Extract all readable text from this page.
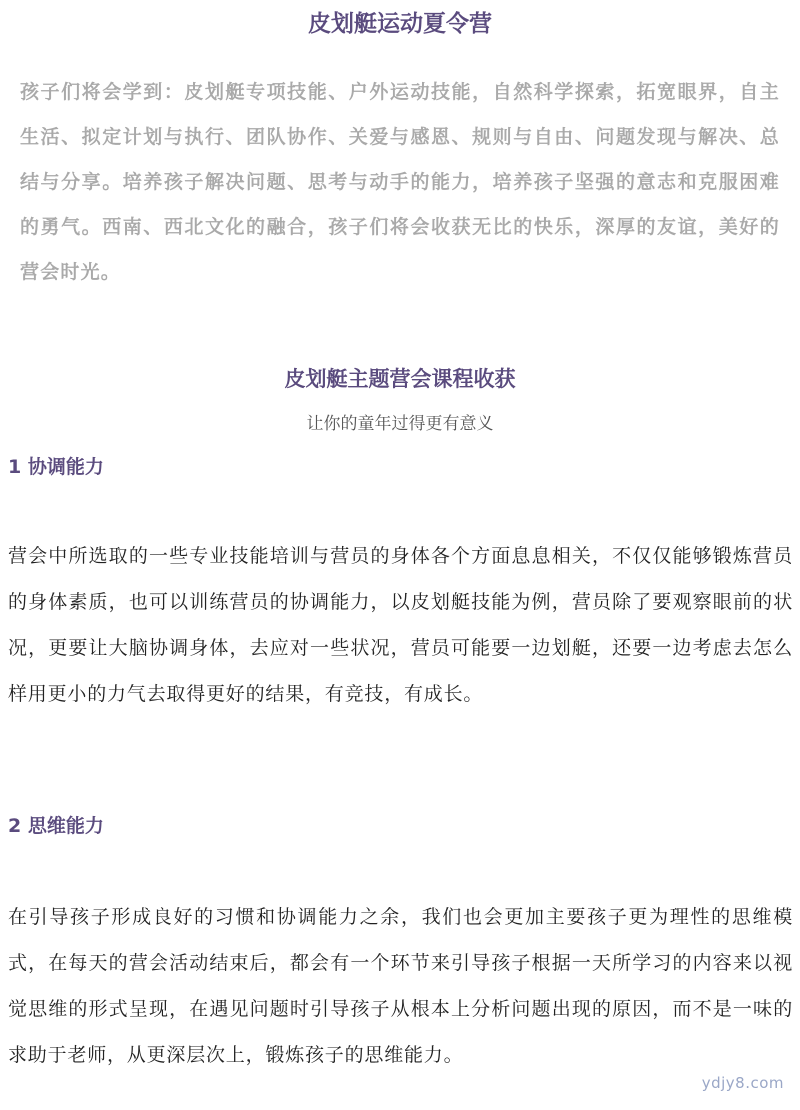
皮划艇运动夏令营
孩子们将会学到：皮划艇专项技能、户外运动技能，自然科学探索，拓宽眼界，自主生活、拟定计划与执行、团队协作、关爱与感恩、规则与自由、问题发现与解决、总结与分享。培养孩子解决问题、思考与动手的能力，培养孩子坚强的意志和克服困难的勇气。西南、西北文化的融合，孩子们将会收获无比的快乐，深厚的友谊，美好的营会时光。
皮划艇主题营会课程收获
让你的童年过得更有意义
1 协调能力
营会中所选取的一些专业技能培训与营员的身体各个方面息息相关，不仅仅能够锻炼营员的身体素质，也可以训练营员的协调能力，以皮划艇技能为例，营员除了要观察眼前的状况，更要让大脑协调身体，去应对一些状况，营员可能要一边划艇，还要一边考虑去怎么样用更小的力气去取得更好的结果，有竞技，有成长。
2 思维能力
在引导孩子形成良好的习惯和协调能力之余，我们也会更加主要孩子更为理性的思维模式，在每天的营会活动结束后，都会有一个环节来引导孩子根据一天所学习的内容来以视觉思维的形式呈现，在遇见问题时引导孩子从根本上分析问题出现的原因，而不是一味的求助于老师，从更深层次上，锻炼孩子的思维能力。
ydjy8.com
